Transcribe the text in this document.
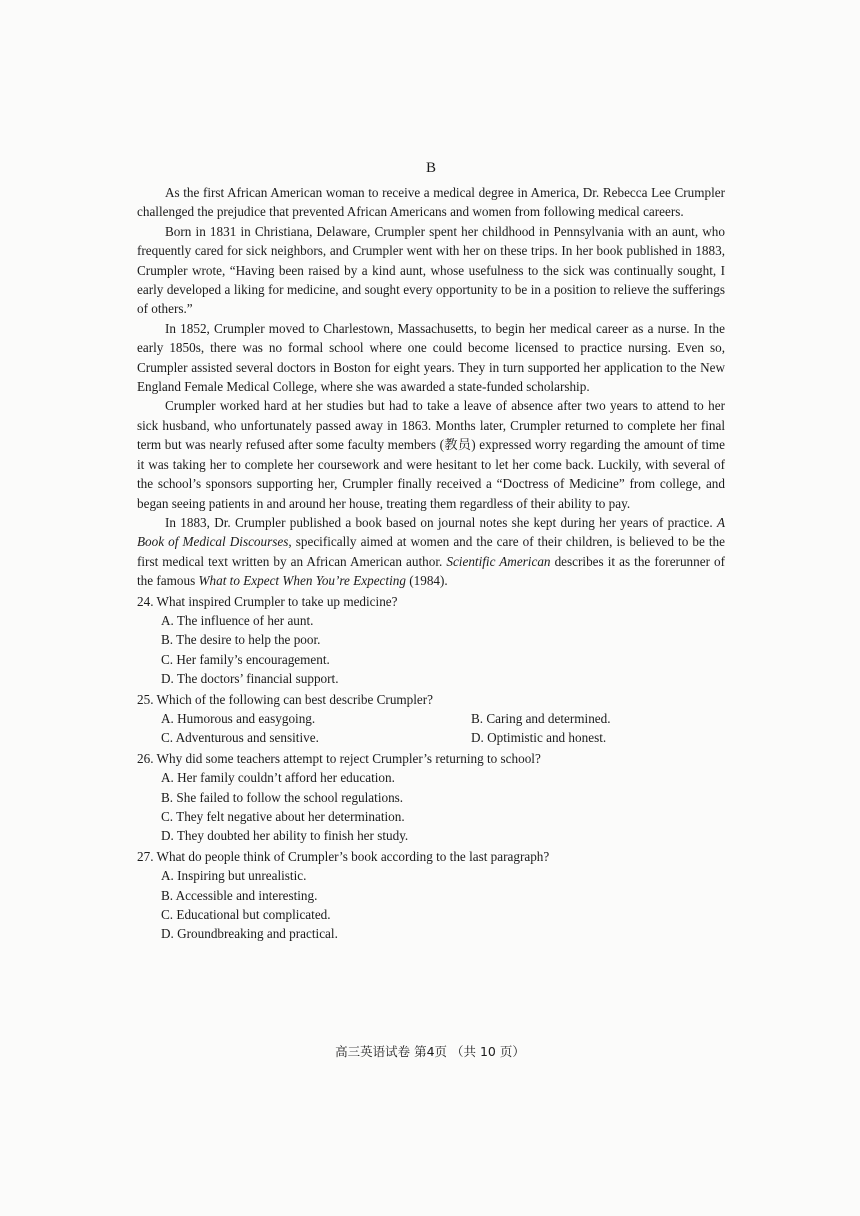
B

As the first African American woman to receive a medical degree in America, Dr. Rebecca Lee Crumpler challenged the prejudice that prevented African Americans and women from following medical careers.

Born in 1831 in Christiana, Delaware, Crumpler spent her childhood in Pennsylvania with an aunt, who frequently cared for sick neighbors, and Crumpler went with her on these trips. In her book published in 1883, Crumpler wrote, “Having been raised by a kind aunt, whose usefulness to the sick was continually sought, I early developed a liking for medicine, and sought every opportunity to be in a position to relieve the sufferings of others.”

In 1852, Crumpler moved to Charlestown, Massachusetts, to begin her medical career as a nurse. In the early 1850s, there was no formal school where one could become licensed to practice nursing. Even so, Crumpler assisted several doctors in Boston for eight years. They in turn supported her application to the New England Female Medical College, where she was awarded a state-funded scholarship.

Crumpler worked hard at her studies but had to take a leave of absence after two years to attend to her sick husband, who unfortunately passed away in 1863. Months later, Crumpler returned to complete her final term but was nearly refused after some faculty members (教员) expressed worry regarding the amount of time it was taking her to complete her coursework and were hesitant to let her come back. Luckily, with several of the school’s sponsors supporting her, Crumpler finally received a “Doctress of Medicine” from college, and began seeing patients in and around her house, treating them regardless of their ability to pay.

In 1883, Dr. Crumpler published a book based on journal notes she kept during her years of practice. A Book of Medical Discourses, specifically aimed at women and the care of their children, is believed to be the first medical text written by an African American author. Scientific American describes it as the forerunner of the famous What to Expect When You’re Expecting (1984).

24. What inspired Crumpler to take up medicine?

A. The influence of her aunt.

B. The desire to help the poor.

C. Her family’s encouragement.

D. The doctors’ financial support.

25. Which of the following can best describe Crumpler?

A. Humorous and easygoing.	B. Caring and determined.
C. Adventurous and sensitive.	D. Optimistic and honest.

26. Why did some teachers attempt to reject Crumpler’s returning to school?

A. Her family couldn’t afford her education.

B. She failed to follow the school regulations.

C. They felt negative about her determination.

D. They doubted her ability to finish her study.

27. What do people think of Crumpler’s book according to the last paragraph?

A. Inspiring but unrealistic.

B. Accessible and interesting.

C. Educational but complicated.

D. Groundbreaking and practical.

高三英语试卷 第4页 （共 10 页）
